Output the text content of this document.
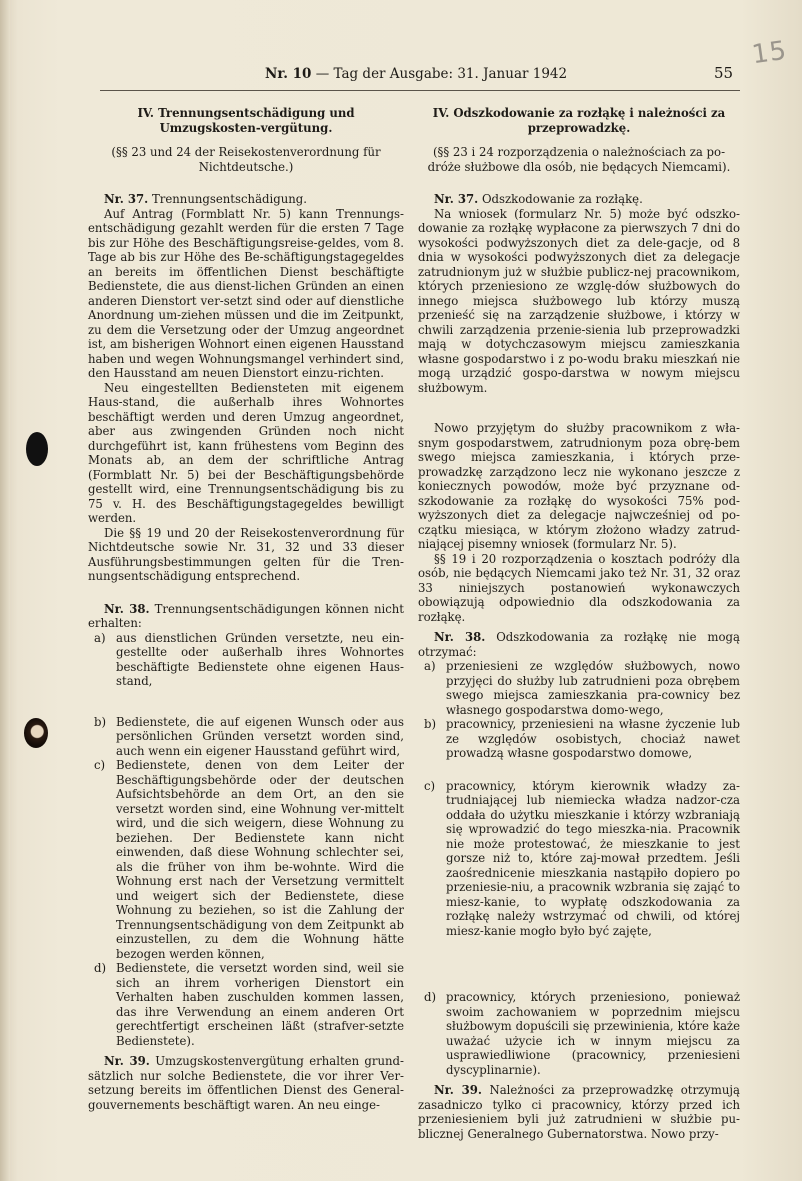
15
Nr. 10 — Tag der Ausgabe: 31. Januar 1942	55
IV. Trennungsentschädigung und Umzugskosten-vergütung.
(§§ 23 und 24 der Reisekostenverordnung für Nichtdeutsche.)

Nr. 37. Trennungsentschädigung.

Auf Antrag (Formblatt Nr. 5) kann Trennungs-entschädigung gezahlt werden für die ersten 7 Tage bis zur Höhe des Beschäftigungsreise-geldes, vom 8. Tage ab bis zur Höhe des Be-schäftigungstagegeldes an bereits im öffentlichen Dienst beschäftigte Bedienstete, die aus dienst-lichen Gründen an einen anderen Dienstort ver-setzt sind oder auf dienstliche Anordnung um-ziehen müssen und die im Zeitpunkt, zu dem die Versetzung oder der Umzug angeordnet ist, am bisherigen Wohnort einen eigenen Hausstand haben und wegen Wohnungsmangel verhindert sind, den Hausstand am neuen Dienstort einzu-richten.

Neu eingestellten Bediensteten mit eigenem Haus-stand, die außerhalb ihres Wohnortes beschäftigt werden und deren Umzug angeordnet, aber aus zwingenden Gründen noch nicht durchgeführt ist, kann frühestens vom Beginn des Monats ab, an dem der schriftliche Antrag (Formblatt Nr. 5) bei der Beschäftigungsbehörde gestellt wird, eine Trennungsentschädigung bis zu 75 v. H. des Beschäftigungstagegeldes bewilligt werden.

Die §§ 19 und 20 der Reisekostenverordnung für Nichtdeutsche sowie Nr. 31, 32 und 33 dieser Ausführungsbestimmungen gelten für die Tren-nungsentschädigung entsprechend.

Nr. 38. Trennungsentschädigungen können nicht erhalten:

a) aus dienstlichen Gründen versetzte, neu ein-gestellte oder außerhalb ihres Wohnortes beschäftigte Bedienstete ohne eigenen Haus-stand,
b) Bedienstete, die auf eigenen Wunsch oder aus persönlichen Gründen versetzt worden sind, auch wenn ein eigener Hausstand geführt wird,
c) Bedienstete, denen von dem Leiter der Beschäftigungsbehörde oder der deutschen Aufsichtsbehörde an dem Ort, an den sie versetzt worden sind, eine Wohnung ver-mittelt wird, und die sich weigern, diese Wohnung zu beziehen. Der Bedienstete kann nicht einwenden, daß diese Wohnung schlechter sei, als die früher von ihm be-wohnte. Wird die Wohnung erst nach der Versetzung vermittelt und weigert sich der Bedienstete, diese Wohnung zu beziehen, so ist die Zahlung der Trennungsentschädigung von dem Zeitpunkt ab einzustellen, zu dem die Wohnung hätte bezogen werden können,
d) Bedienstete, die versetzt worden sind, weil sie sich an ihrem vorherigen Dienstort ein Verhalten haben zuschulden kommen lassen, das ihre Verwendung an einem anderen Ort gerechtfertigt erscheinen läßt (strafver-setzte Bedienstete).

Nr. 39. Umzugskostenvergütung erhalten grund-sätzlich nur solche Bedienstete, die vor ihrer Ver-setzung bereits im öffentlichen Dienst des General-gouvernements beschäftigt waren. An neu einge-

IV. Odszkodowanie za rozłąkę i należności za przeprowadzkę.
(§§ 23 i 24 rozporządzenia o należnościach za po-dróże służbowe dla osób, nie będących Niemcami).

Nr. 37. Odszkodowanie za rozłąkę.

Na wniosek (formularz Nr. 5) może być odszko-dowanie za rozłąkę wypłacone za pierwszych 7 dni do wysokości podwyższonych diet za dele-gacje, od 8 dnia w wysokości podwyższonych diet za delegacje zatrudnionym już w służbie publicz-nej pracownikom, których przeniesiono ze wzglę-dów służbowych do innego miejsca służbowego lub którzy muszą przenieść się na zarządzenie służbowe, i którzy w chwili zarządzenia przenie-sienia lub przeprowadzki mają w dotychczasowym miejscu zamieszkania własne gospodarstwo i z po-wodu braku mieszkań nie mogą urządzić gospo-darstwa w nowym miejscu służbowym.

Nowo przyjętym do służby pracownikom z wła-snym gospodarstwem, zatrudnionym poza obrę-bem swego miejsca zamieszkania, i których prze-prowadzkę zarządzono lecz nie wykonano jeszcze z koniecznych powodów, może być przyznane od-szkodowanie za rozłąkę do wysokości 75% pod-wyższonych diet za delegacje najwcześniej od po-czątku miesiąca, w którym złożono władzy zatrud-niającej pisemny wniosek (formularz Nr. 5).

§§ 19 i 20 rozporządzenia o kosztach podróży dla osób, nie będących Niemcami jako też Nr. 31, 32 oraz 33 niniejszych postanowień wykonawczych obowiązują odpowiednio dla odszkodowania za rozłąkę.

Nr. 38. Odszkodowania za rozłąkę nie mogą otrzymać:

a) przeniesieni ze względów służbowych, nowo przyjęci do służby lub zatrudnieni poza obrębem swego miejsca zamieszkania pra-cownicy bez własnego gospodarstwa domo-wego,
b) pracownicy, przeniesieni na własne życzenie lub ze względów osobistych, chociaż nawet prowadzą własne gospodarstwo domowe,
c) pracownicy, którym kierownik władzy za-trudniającej lub niemiecka władza nadzor-cza oddała do użytku mieszkanie i którzy wzbraniają się wprowadzić do tego mieszka-nia. Pracownik nie może protestować, że mieszkanie to jest gorsze niż to, które zaj-mował przedtem. Jeśli zaośrednicenie mieszkania nastąpiło dopiero po przeniesie-niu, a pracownik wzbrania się zająć to miesz-kanie, to wypłatę odszkodowania za rozłąkę należy wstrzymać od chwili, od której miesz-kanie mogło było być zajęte,
d) pracownicy, których przeniesiono, ponieważ swoim zachowaniem w poprzednim miejscu służbowym dopuścili się przewinienia, które każe uważać użycie ich w innym miejscu za usprawiedliwione (pracownicy, przeniesieni dyscyplinarnie).

Nr. 39. Należności za przeprowadzkę otrzymują zasadniczo tylko ci pracownicy, którzy przed ich przeniesieniem byli już zatrudnieni w służbie pu-blicznej Generalnego Gubernatorstwa. Nowo przy-
